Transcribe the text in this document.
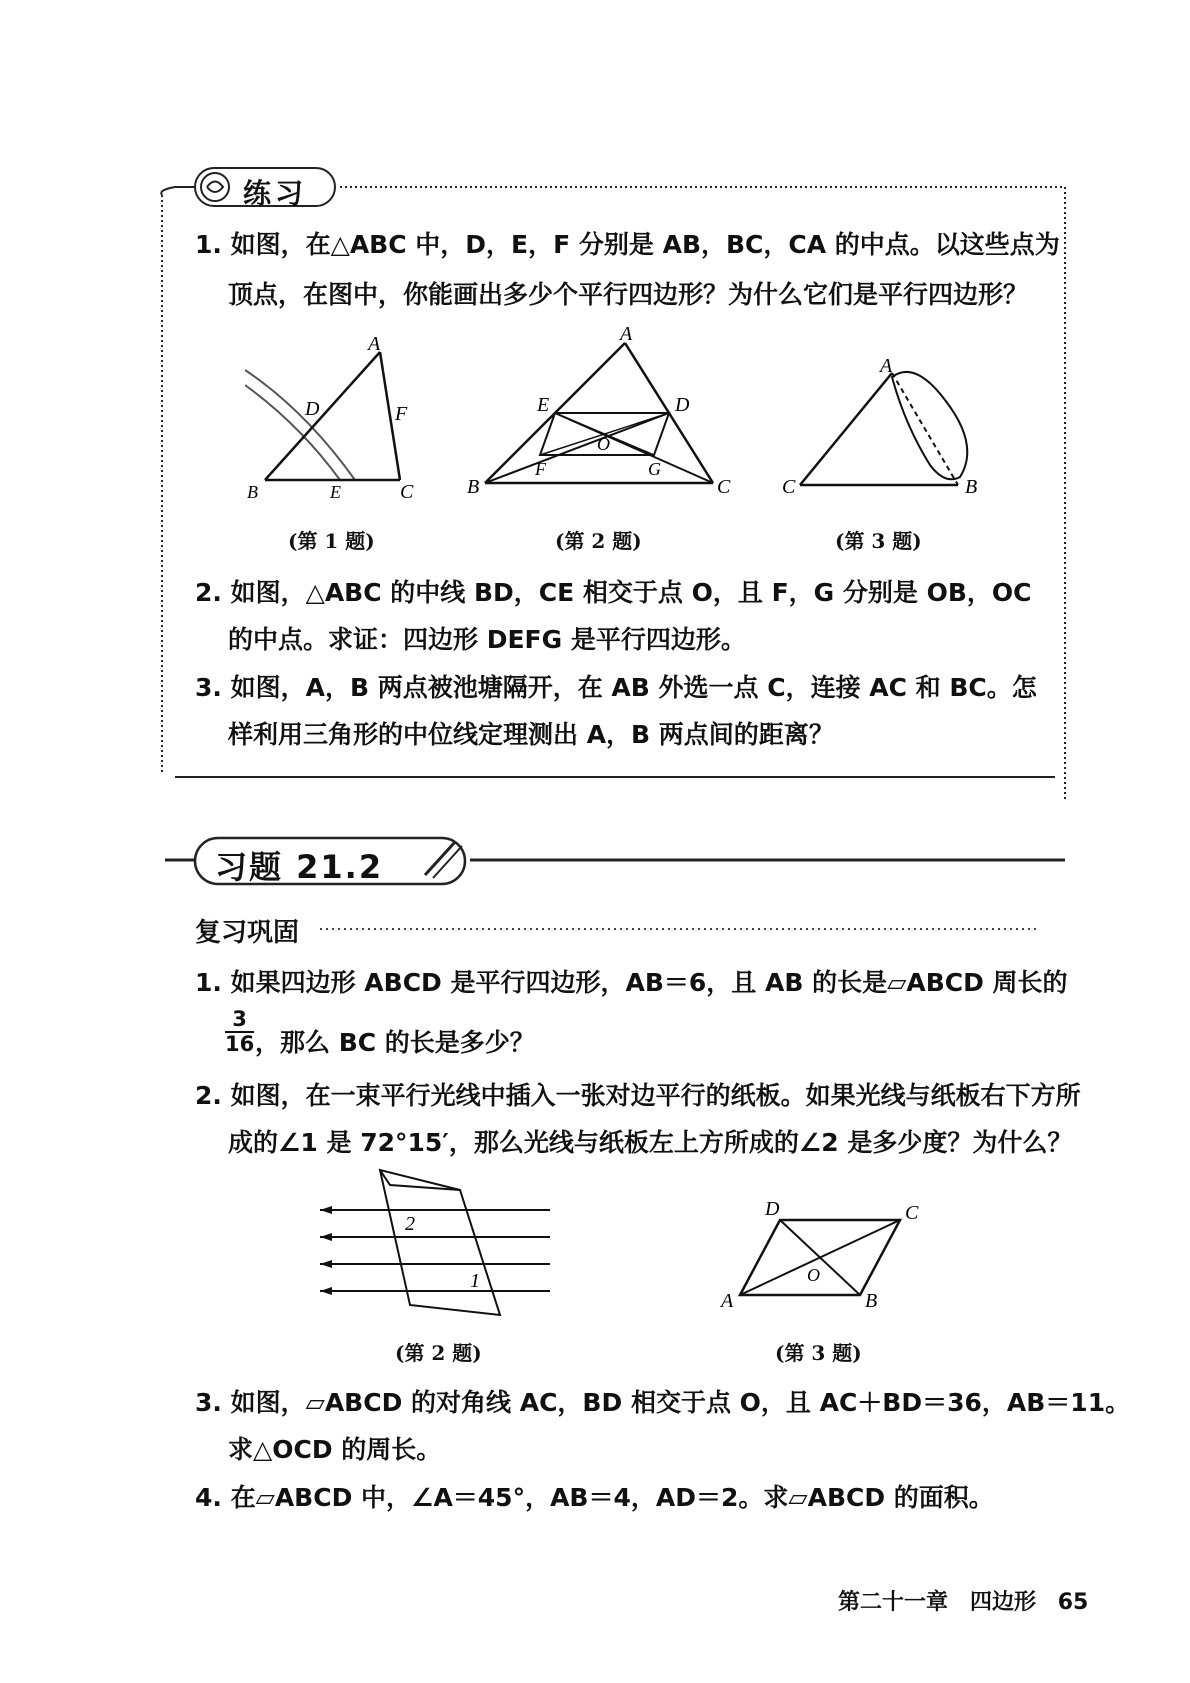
练习
1. 如图，在△ABC 中，D，E，F 分别是 AB，BC，CA 的中点。以这些点为
顶点，在图中，你能画出多少个平行四边形？为什么它们是平行四边形？
A
D	F
B	E	C
(第 1 题)
A
E	D
O
F	G
B	C
(第 2 题)
A
C	B
(第 3 题)
2. 如图，△ABC 的中线 BD，CE 相交于点 O，且 F，G 分别是 OB，OC
的中点。求证：四边形 DEFG 是平行四边形。
3. 如图，A，B 两点被池塘隔开，在 AB 外选一点 C，连接 AC 和 BC。怎
样利用三角形的中位线定理测出 A，B 两点间的距离？
习题 21.2
复习巩固
1. 如果四边形 ABCD 是平行四边形，AB＝6，且 AB 的长是▱ABCD 周长的
$\frac{3}{16}$ ，那么 BC 的长是多少？
2. 如图，在一束平行光线中插入一张对边平行的纸板。如果光线与纸板右下方所
成的∠1 是 72°15′，那么光线与纸板左上方所成的∠2 是多少度？为什么？
2
1
(第 2 题)
D	C
O
A	B
(第 3 题)
3. 如图，▱ABCD 的对角线 AC，BD 相交于点 O，且 AC＋BD＝36，AB＝11。
求△OCD 的周长。
4. 在▱ABCD 中，∠A＝45°，AB＝4，AD＝2。求▱ABCD 的面积。
第二十一章　四边形 65
